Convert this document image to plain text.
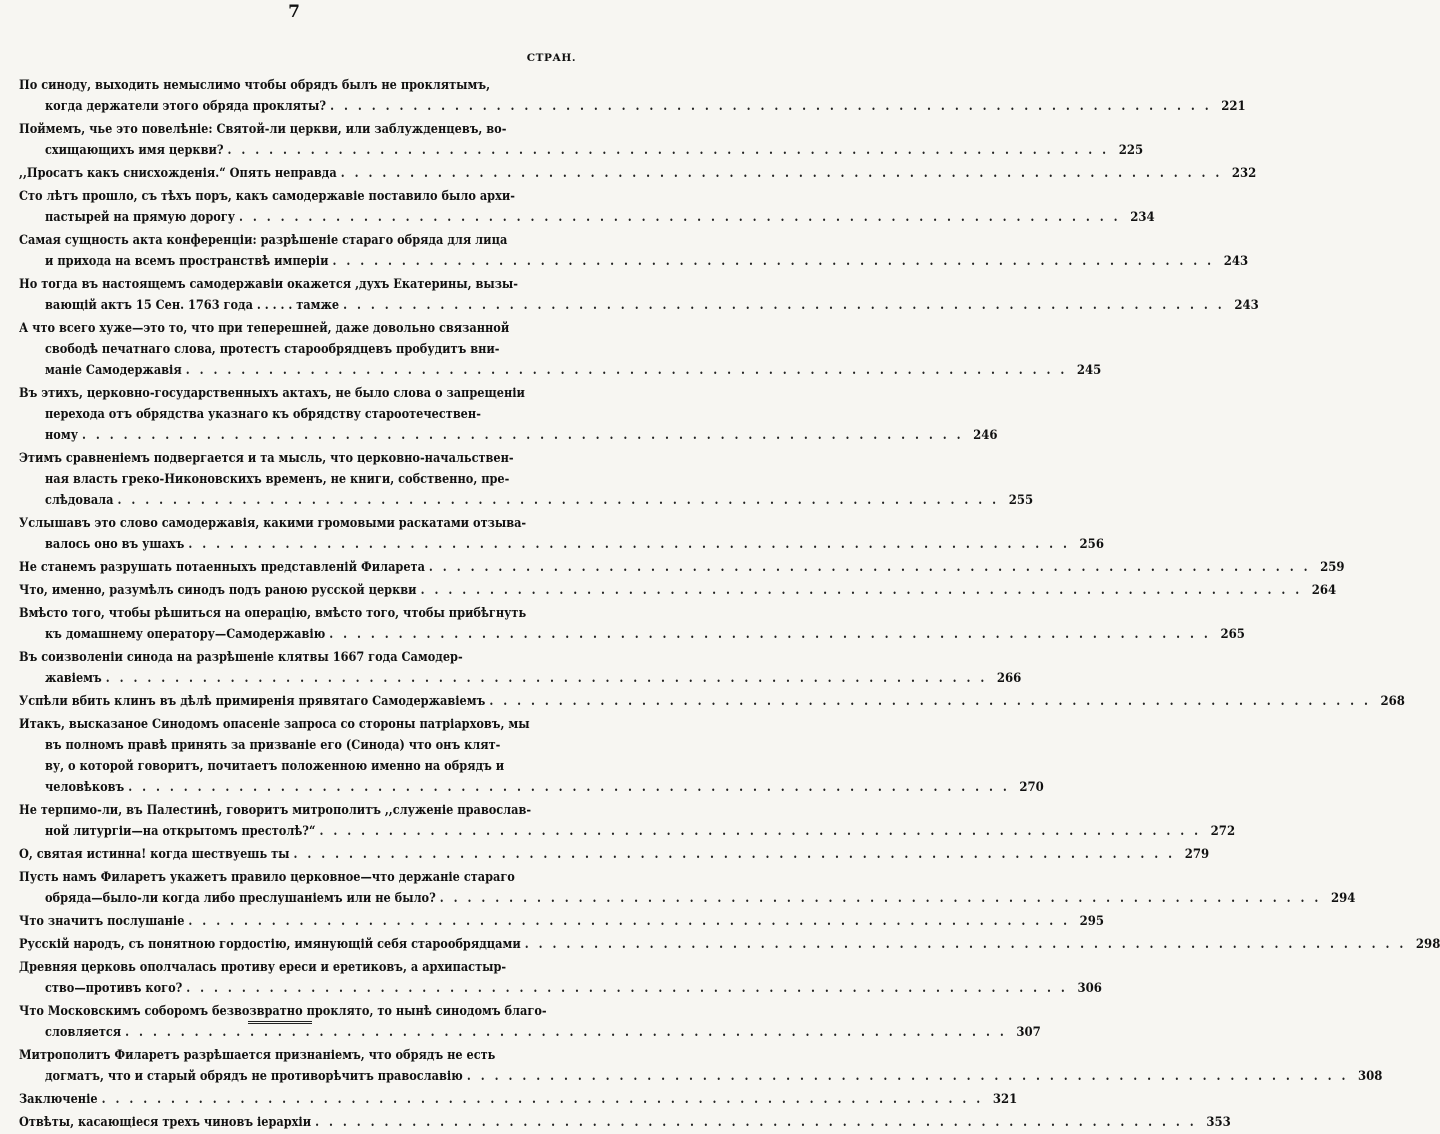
7
СТРАН.
По синоду, выходить немыслимо чтобы обрядъ былъ не проклятымъ,
когда держатели этого обряда прокляты? . . .	221
Поймемъ, чье это повелѣніе: Святой-ли церкви, или заблужденцевъ, во-
схищающихъ имя церкви? . . .	225
,,Просатъ какъ снисхожденія.“ Опять неправда . . .	232
Сто лѣтъ прошло, съ тѣхъ поръ, какъ самодержавіе поставило было архи-
пастырей на прямую дорогу . . .	234
Самая сущность акта конференціи: разрѣшеніе стараго обряда для лица
и прихода на всемъ пространствѣ имперіи . . .	243
Но тогда въ настоящемъ самодержавіи окажется ,духъ Екатерины, вызы-
вающій актъ 15 Сен. 1763 года . . . . . тамже . . .	243
А что всего хуже—это то, что при теперешней, даже довольно связанной
свободѣ печатнаго слова, протестъ старообрядцевъ пробудитъ вни-
маніе Самодержавія . . .	245
Въ этихъ, церковно-государственныхъ актахъ, не было слова о запрещеніи
перехода отъ обрядства указнаго къ обрядству староотечествен-
ному . . .	246
Этимъ сравненіемъ подвергается и та мысль, что церковно-начальствен-
ная власть греко-Никоновскихъ временъ, не книги, собственно, пре-
слѣдовала . . .	255
Услышавъ это слово самодержавія, какими громовыми раскатами отзыва-
валось оно въ ушахъ . . .	256
Не станемъ разрушать потаенныхъ представленій Филарета . . .	259
Что, именно, разумѣлъ синодъ подъ раною русской церкви . . .	264
Вмѣсто того, чтобы рѣшиться на операцію, вмѣсто того, чтобы прибѣгнуть
къ домашнему оператору—Самодержавію . . .	265
Въ соизволеніи синода на разрѣшеніе клятвы 1667 года Самодер-
жавіемъ . . .	266
Успѣли вбить клинъ въ дѣлѣ примиренія прявятаго Самодержавіемъ . . .	268
Итакъ, высказаное Синодомъ опасеніе запроса со стороны патріарховъ, мы
въ полномъ правѣ принять за призваніе его (Синода) что онъ клят-
ву, о которой говоритъ, почитаетъ положенною именно на обрядъ и
человѣковъ . . .	270
Не терпимо-ли, въ Палестинѣ, говоритъ митрополитъ ,,служеніе православ-
ной литургіи—на открытомъ престолѣ?“ . . .	272
О, святая истинна! когда шествуешь ты . . .	279
Пусть намъ Филаретъ укажетъ правило церковное—что держаніе стараго
обряда—было-ли когда либо преслушаніемъ или не было? . . .	294
Что значитъ послушаніе . . .	295
Русскій народъ, съ понятною гордостію, имянующій себя старообрядцами . . .	298
Древняя церковь ополчалась противу ереси и еретиковъ, а архипастыр-
ство—противъ кого? . . .	306
Что Московскимъ соборомъ безвозвратно проклято, то нынѣ синодомъ благо-
словляется . . .	307
Митрополитъ Филаретъ разрѣшается признаніемъ, что обрядъ не есть
догматъ, что и старый обрядъ не противорѣчитъ православію . . .	308
Заключеніе . . .	321
Отвѣты, касающіеся трехъ чиновъ іерархіи . . .	353
